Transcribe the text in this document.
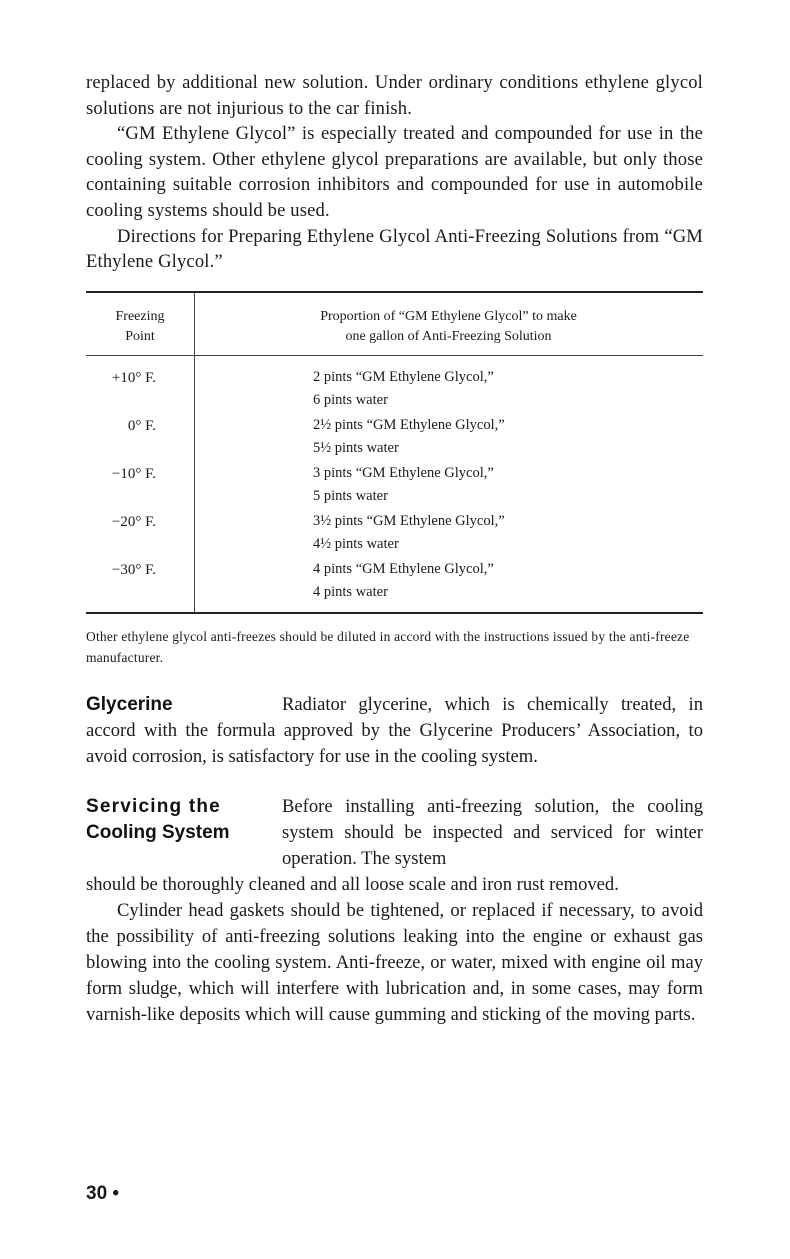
replaced by additional new solution. Under ordinary conditions ethylene glycol solutions are not injurious to the car finish.

“GM Ethylene Glycol” is especially treated and compounded for use in the cooling system. Other ethylene glycol preparations are available, but only those containing suitable corrosion inhibitors and compounded for use in automobile cooling systems should be used.

Directions for Preparing Ethylene Glycol Anti-Freezing Solutions from “GM Ethylene Glycol.”

Freezing
Point
Proportion of “GM Ethylene Glycol” to make
one gallon of Anti-Freezing Solution
+10° F.	2 pints “GM Ethylene Glycol,”
6 pints water
0° F.	2½ pints “GM Ethylene Glycol,”
5½ pints water
−10° F.	3 pints “GM Ethylene Glycol,”
5 pints water
−20° F.	3½ pints “GM Ethylene Glycol,”
4½ pints water
−30° F.	4 pints “GM Ethylene Glycol,”
4 pints water

Other ethylene glycol anti-freezes should be diluted in accord with the instructions issued by the anti-freeze manufacturer.

Glycerine	Radiator glycerine, which is chemically treated, in accord with the formula approved by the Glycerine Producers’ Association, to avoid corrosion, is satisfactory for use in the cooling system.
Servicing the
Cooling System
Before installing anti-freezing solution, the cooling system should be inspected and serviced for winter operation. The system

should be thoroughly cleaned and all loose scale and iron rust removed.

Cylinder head gaskets should be tightened, or replaced if necessary, to avoid the possibility of anti-freezing solutions leaking into the engine or exhaust gas blowing into the cooling system. Anti-freeze, or water, mixed with engine oil may form sludge, which will interfere with lubrication and, in some cases, may form varnish-like deposits which will cause gumming and sticking of the moving parts.

30 •
